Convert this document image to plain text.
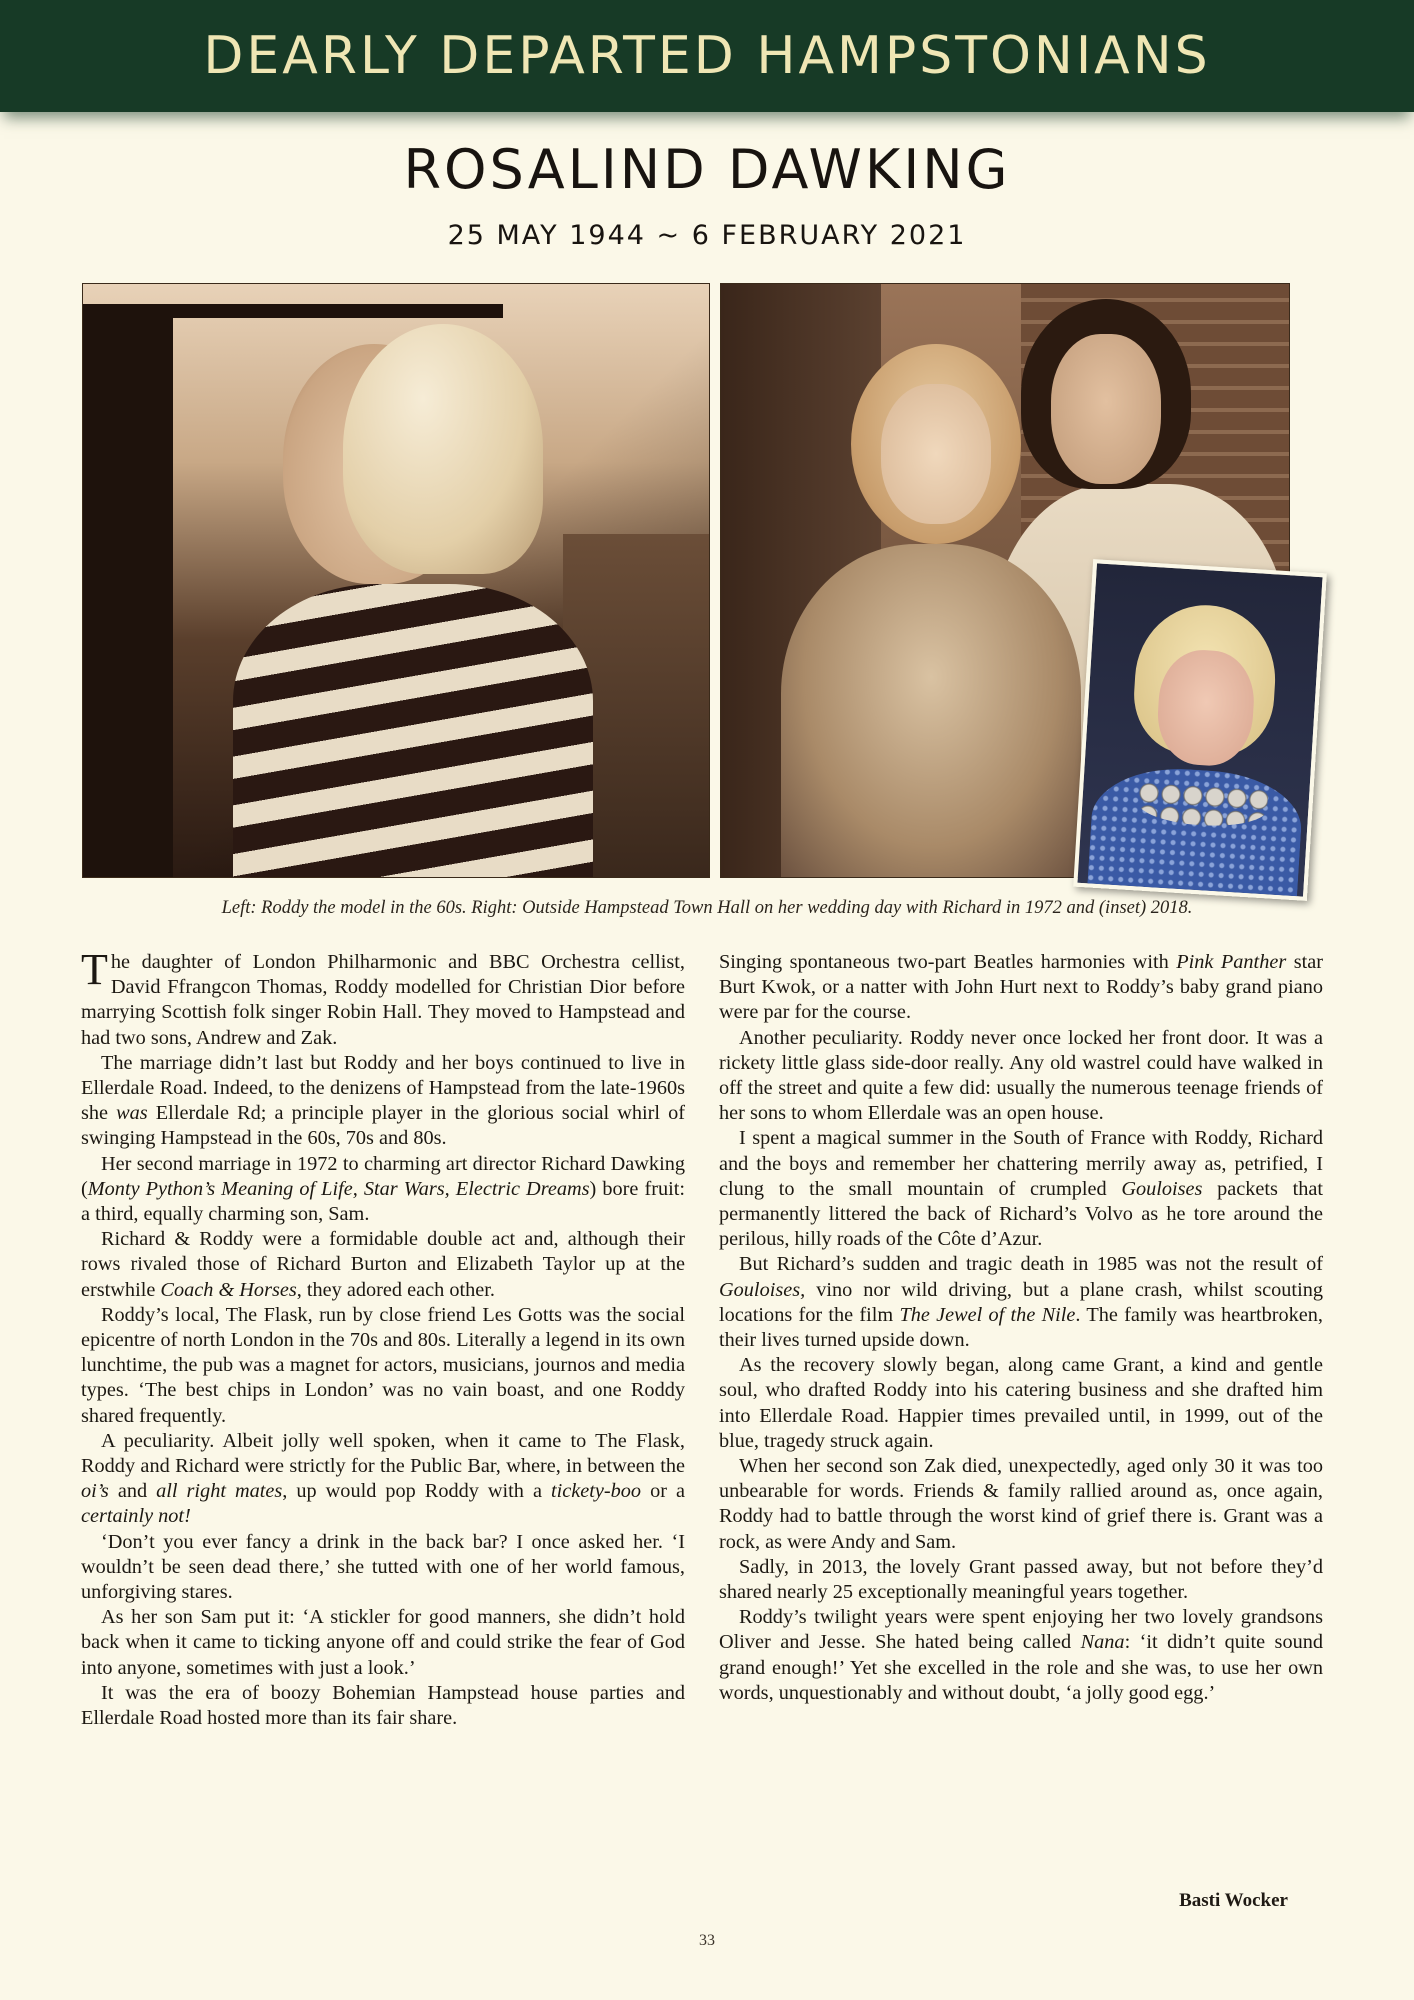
DEARLY DEPARTED HAMPSTONIANS
ROSALIND DAWKING
25 MAY 1944 ~ 6 FEBRUARY 2021
Left: Roddy the model in the 60s. Right: Outside Hampstead Town Hall on her wedding day with Richard in 1972 and (inset) 2018.

The daughter of London Philharmonic and BBC Orchestra cellist, David Ffrangcon Thomas, Roddy modelled for Christian Dior before marrying Scottish folk singer Robin Hall. They moved to Hampstead and had two sons, Andrew and Zak.

The marriage didn’t last but Roddy and her boys continued to live in Ellerdale Road. Indeed, to the denizens of Hampstead from the late-1960s she was Ellerdale Rd; a principle player in the glorious social whirl of swinging Hampstead in the 60s, 70s and 80s.

Her second marriage in 1972 to charming art director Richard Dawking (Monty Python’s Meaning of Life, Star Wars, Electric Dreams) bore fruit: a third, equally charming son, Sam.

Richard & Roddy were a formidable double act and, although their rows rivaled those of Richard Burton and Elizabeth Taylor up at the erstwhile Coach & Horses, they adored each other.

Roddy’s local, The Flask, run by close friend Les Gotts was the social epicentre of north London in the 70s and 80s. Literally a legend in its own lunchtime, the pub was a magnet for actors, musicians, journos and media types. ‘The best chips in London’ was no vain boast, and one Roddy shared frequently.

A peculiarity. Albeit jolly well spoken, when it came to The Flask, Roddy and Richard were strictly for the Public Bar, where, in between the oi’s and all right mates, up would pop Roddy with a tickety-boo or a certainly not!

‘Don’t you ever fancy a drink in the back bar? I once asked her. ‘I wouldn’t be seen dead there,’ she tutted with one of her world famous, unforgiving stares.

As her son Sam put it: ‘A stickler for good manners, she didn’t hold back when it came to ticking anyone off and could strike the fear of God into anyone, sometimes with just a look.’

It was the era of boozy Bohemian Hampstead house parties and Ellerdale Road hosted more than its fair share.

Singing spontaneous two-part Beatles harmonies with Pink Panther star Burt Kwok, or a natter with John Hurt next to Roddy’s baby grand piano were par for the course.

Another peculiarity. Roddy never once locked her front door. It was a rickety little glass side-door really. Any old wastrel could have walked in off the street and quite a few did: usually the numerous teenage friends of her sons to whom Ellerdale was an open house.

I spent a magical summer in the South of France with Roddy, Richard and the boys and remember her chattering merrily away as, petrified, I clung to the small mountain of crumpled Gouloises packets that permanently littered the back of Richard’s Volvo as he tore around the perilous, hilly roads of the Côte d’Azur.

But Richard’s sudden and tragic death in 1985 was not the result of Gouloises, vino nor wild driving, but a plane crash, whilst scouting locations for the film The Jewel of the Nile. The family was heartbroken, their lives turned upside down.

As the recovery slowly began, along came Grant, a kind and gentle soul, who drafted Roddy into his catering business and she drafted him into Ellerdale Road. Happier times prevailed until, in 1999, out of the blue, tragedy struck again.

When her second son Zak died, unexpectedly, aged only 30 it was too unbearable for words. Friends & family rallied around as, once again, Roddy had to battle through the worst kind of grief there is. Grant was a rock, as were Andy and Sam.

Sadly, in 2013, the lovely Grant passed away, but not before they’d shared nearly 25 exceptionally meaningful years together.

Roddy’s twilight years were spent enjoying her two lovely grandsons Oliver and Jesse. She hated being called Nana: ‘it didn’t quite sound grand enough!’ Yet she excelled in the role and she was, to use her own words, unquestionably and without doubt, ‘a jolly good egg.’

Basti Wocker
33
